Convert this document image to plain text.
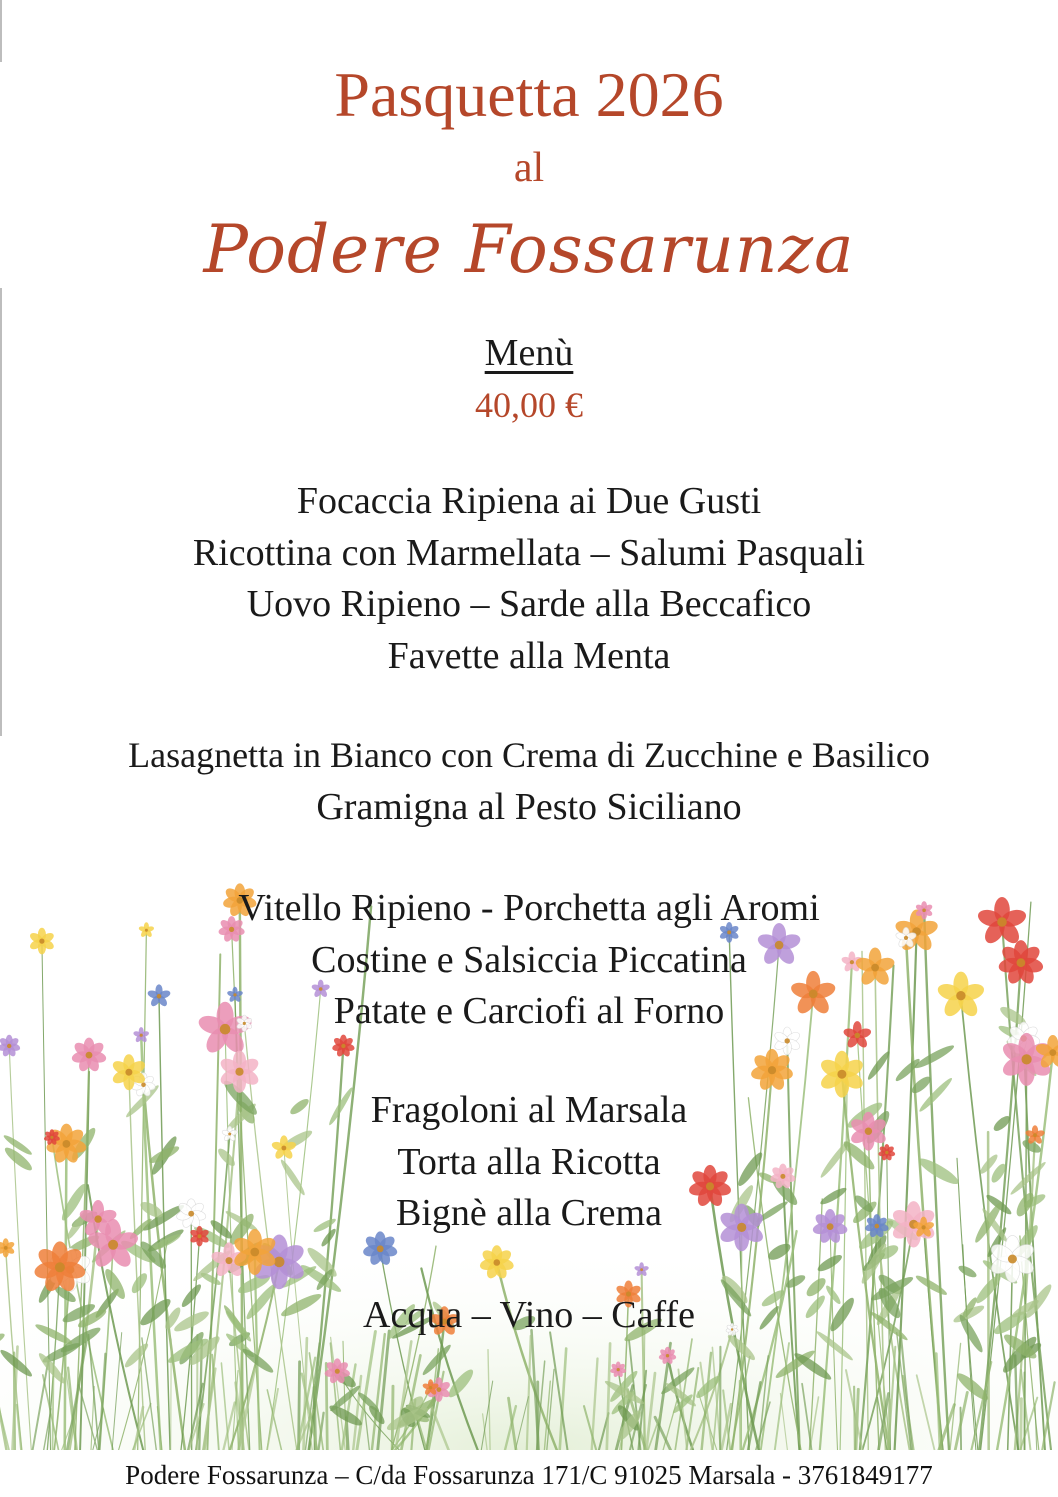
Pasquetta 2026
al
Podere Fossarunza
Menù
40,00 €
Focaccia Ripiena ai Due Gusti
Ricottina con Marmellata – Salumi Pasquali
Uovo Ripieno – Sarde alla Beccafico
Favette alla Menta
Lasagnetta in Bianco con Crema di Zucchine e Basilico
Gramigna al Pesto Siciliano
Vitello Ripieno - Porchetta agli Aromi
Costine e Salsiccia Piccatina
Patate e Carciofi al Forno
Fragoloni al Marsala
Torta alla Ricotta
Bignè alla Crema
Acqua – Vino – Caffe
Podere Fossarunza – C/da Fossarunza 171/C 91025 Marsala - 3761849177
